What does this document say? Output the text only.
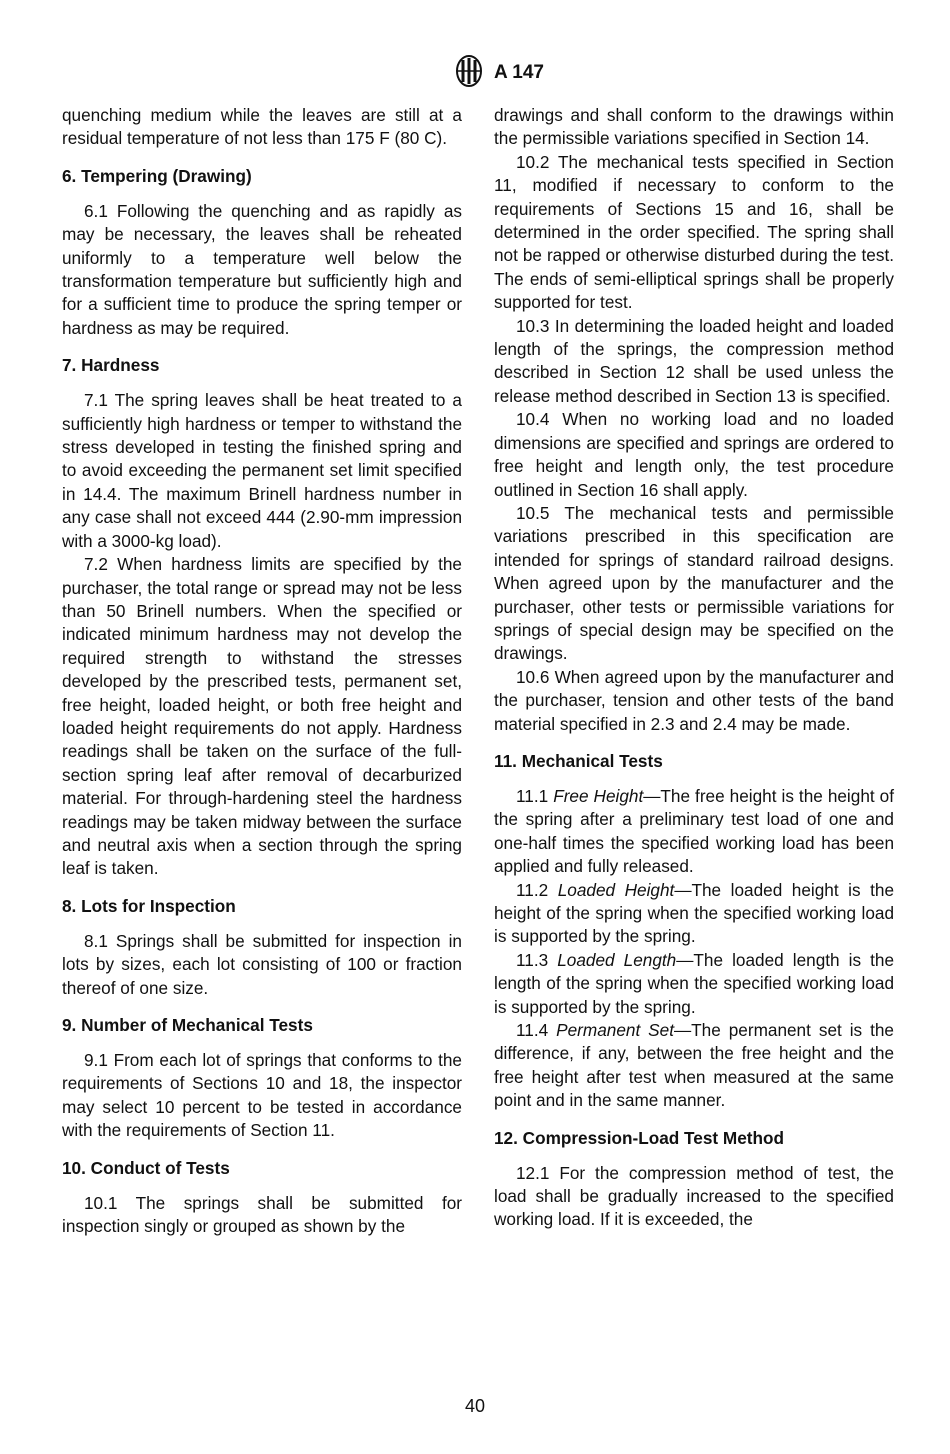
A 147

quenching medium while the leaves are still at a residual temperature of not less than 175 F (80 C).

6. Tempering (Drawing)

6.1 Following the quenching and as rapidly as may be necessary, the leaves shall be reheated uniformly to a temperature well below the transformation temperature but sufficiently high and for a sufficient time to produce the spring temper or hardness as may be required.

7. Hardness

7.1 The spring leaves shall be heat treated to a sufficiently high hardness or temper to withstand the stress developed in testing the finished spring and to avoid exceeding the permanent set limit specified in 14.4. The maximum Brinell hardness number in any case shall not exceed 444 (2.90-mm impression with a 3000-kg load).

7.2 When hardness limits are specified by the purchaser, the total range or spread may not be less than 50 Brinell numbers. When the specified or indicated minimum hardness may not develop the required strength to withstand the stresses developed by the prescribed tests, permanent set, free height, loaded height, or both free height and loaded height requirements do not apply. Hardness readings shall be taken on the surface of the full-section spring leaf after removal of decarburized material. For through-hardening steel the hardness readings may be taken midway between the surface and neutral axis when a section through the spring leaf is taken.

8. Lots for Inspection

8.1 Springs shall be submitted for inspection in lots by sizes, each lot consisting of 100 or fraction thereof of one size.

9. Number of Mechanical Tests

9.1 From each lot of springs that conforms to the requirements of Sections 10 and 18, the inspector may select 10 percent to be tested in accordance with the requirements of Section 11.

10. Conduct of Tests

10.1 The springs shall be submitted for inspection singly or grouped as shown by the

drawings and shall conform to the drawings within the permissible variations specified in Section 14.

10.2 The mechanical tests specified in Section 11, modified if necessary to conform to the requirements of Sections 15 and 16, shall be determined in the order specified. The spring shall not be rapped or otherwise disturbed during the test. The ends of semi-elliptical springs shall be properly supported for test.

10.3 In determining the loaded height and loaded length of the springs, the compression method described in Section 12 shall be used unless the release method described in Section 13 is specified.

10.4 When no working load and no loaded dimensions are specified and springs are ordered to free height and length only, the test procedure outlined in Section 16 shall apply.

10.5 The mechanical tests and permissible variations prescribed in this specification are intended for springs of standard railroad designs. When agreed upon by the manufacturer and the purchaser, other tests or permissible variations for springs of special design may be specified on the drawings.

10.6 When agreed upon by the manufacturer and the purchaser, tension and other tests of the band material specified in 2.3 and 2.4 may be made.

11. Mechanical Tests

11.1 Free Height—The free height is the height of the spring after a preliminary test load of one and one-half times the specified working load has been applied and fully released.

11.2 Loaded Height—The loaded height is the height of the spring when the specified working load is supported by the spring.

11.3 Loaded Length—The loaded length is the length of the spring when the specified working load is supported by the spring.

11.4 Permanent Set—The permanent set is the difference, if any, between the free height and the free height after test when measured at the same point and in the same manner.

12. Compression-Load Test Method

12.1 For the compression method of test, the load shall be gradually increased to the specified working load. If it is exceeded, the

40
